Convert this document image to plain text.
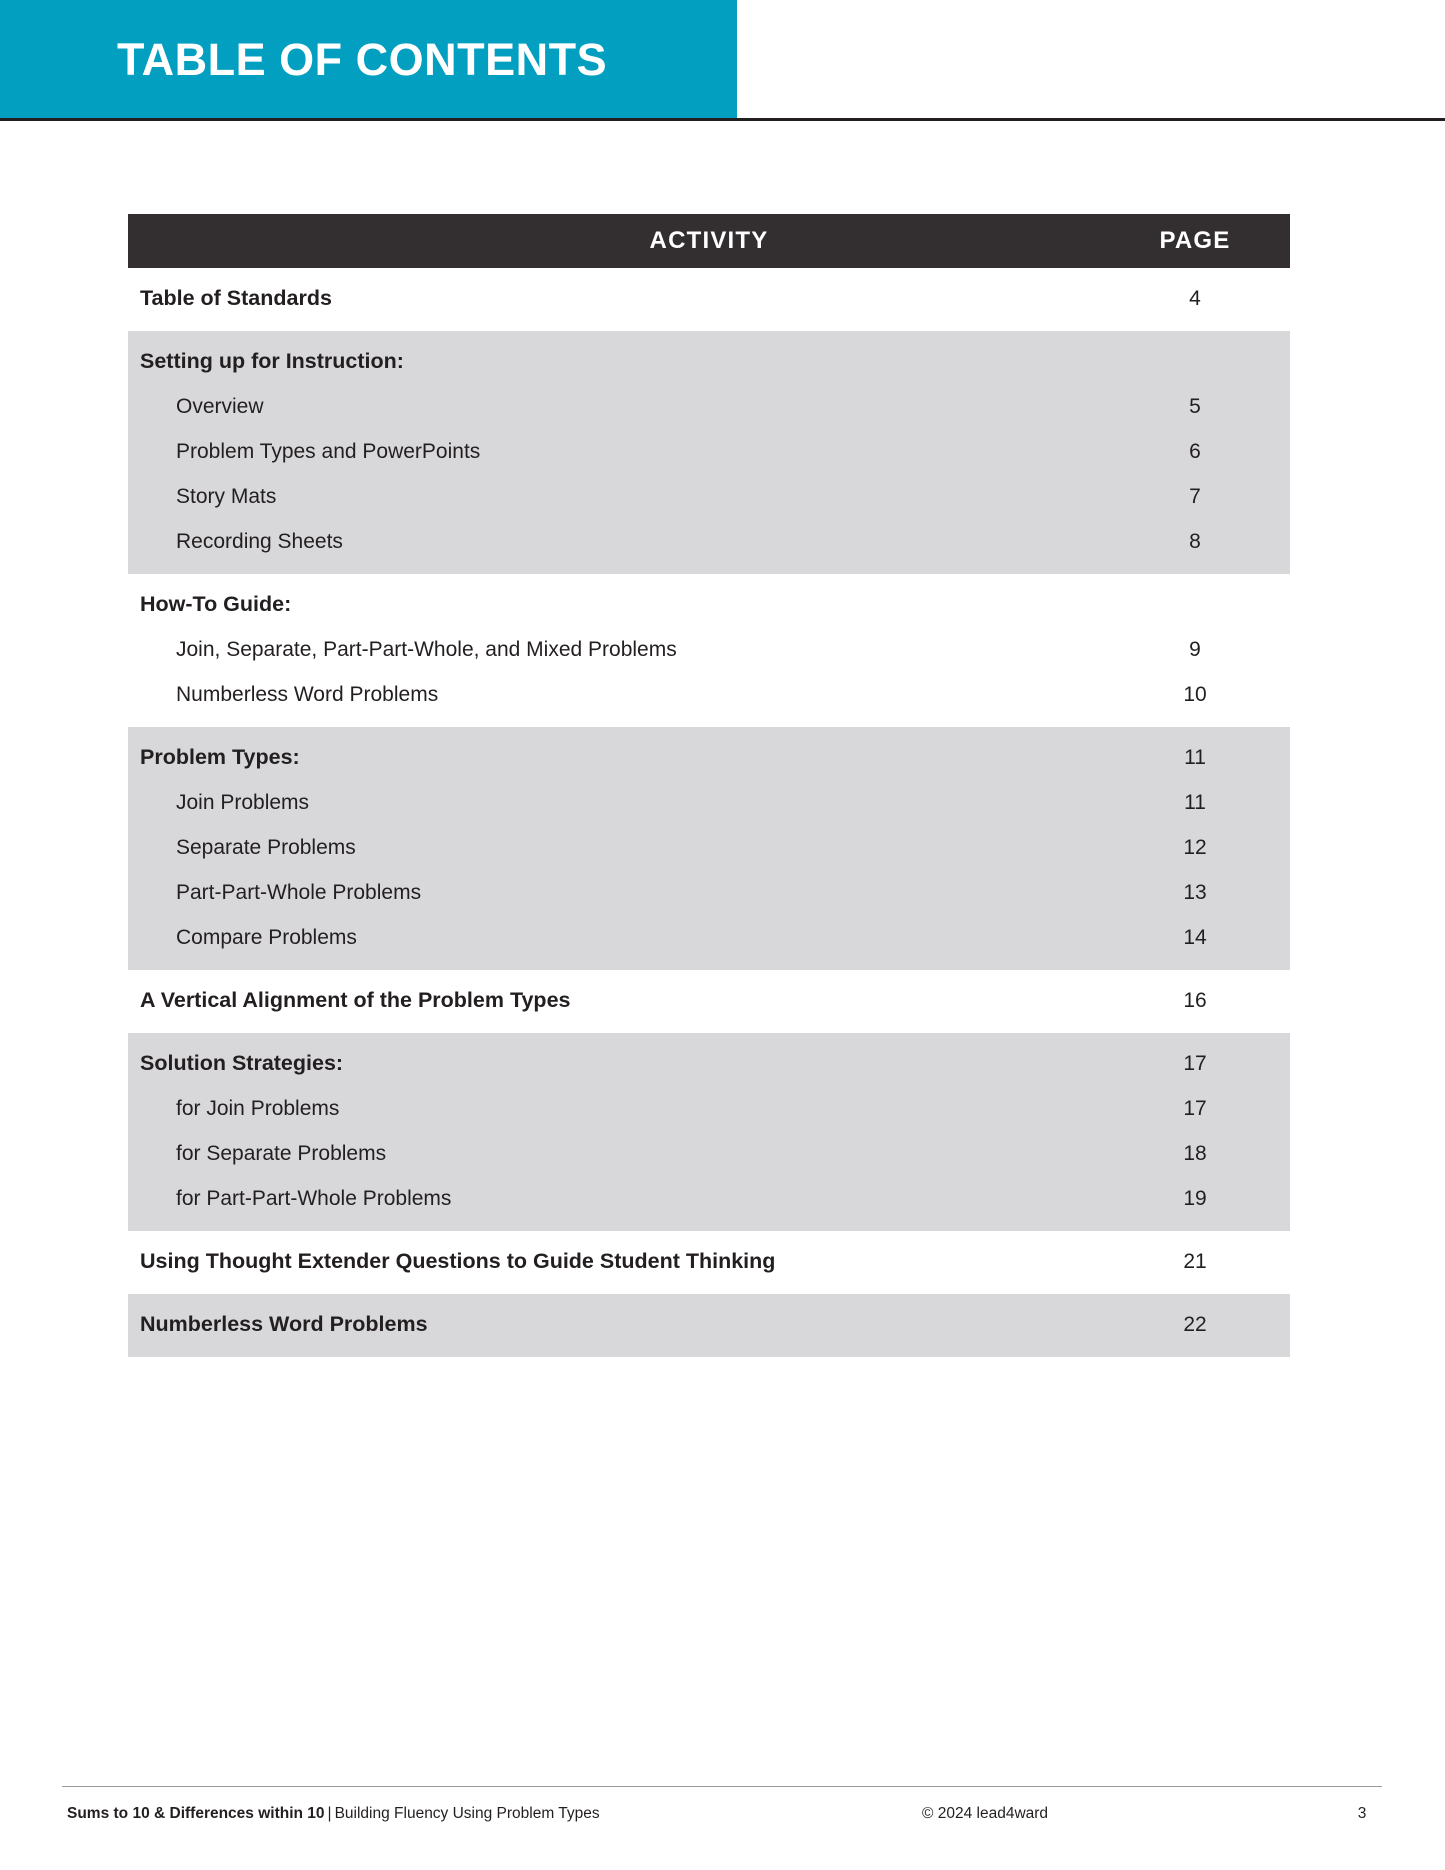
TABLE OF CONTENTS
ACTIVITY	PAGE
Table of Standards	4
Setting up for Instruction:
Overview	5
Problem Types and PowerPoints	6
Story Mats	7
Recording Sheets	8
How-To Guide:
Join, Separate, Part-Part-Whole, and Mixed Problems	9
Numberless Word Problems	10
Problem Types:	11
Join Problems	11
Separate Problems	12
Part-Part-Whole Problems	13
Compare Problems	14
A Vertical Alignment of the Problem Types	16
Solution Strategies:	17
for Join Problems	17
for Separate Problems	18
for Part-Part-Whole Problems	19
Using Thought Extender Questions to Guide Student Thinking	21
Numberless Word Problems	22
Sums to 10 & Differences within 10 | Building Fluency Using Problem Types	© 2024 lead4ward	3
